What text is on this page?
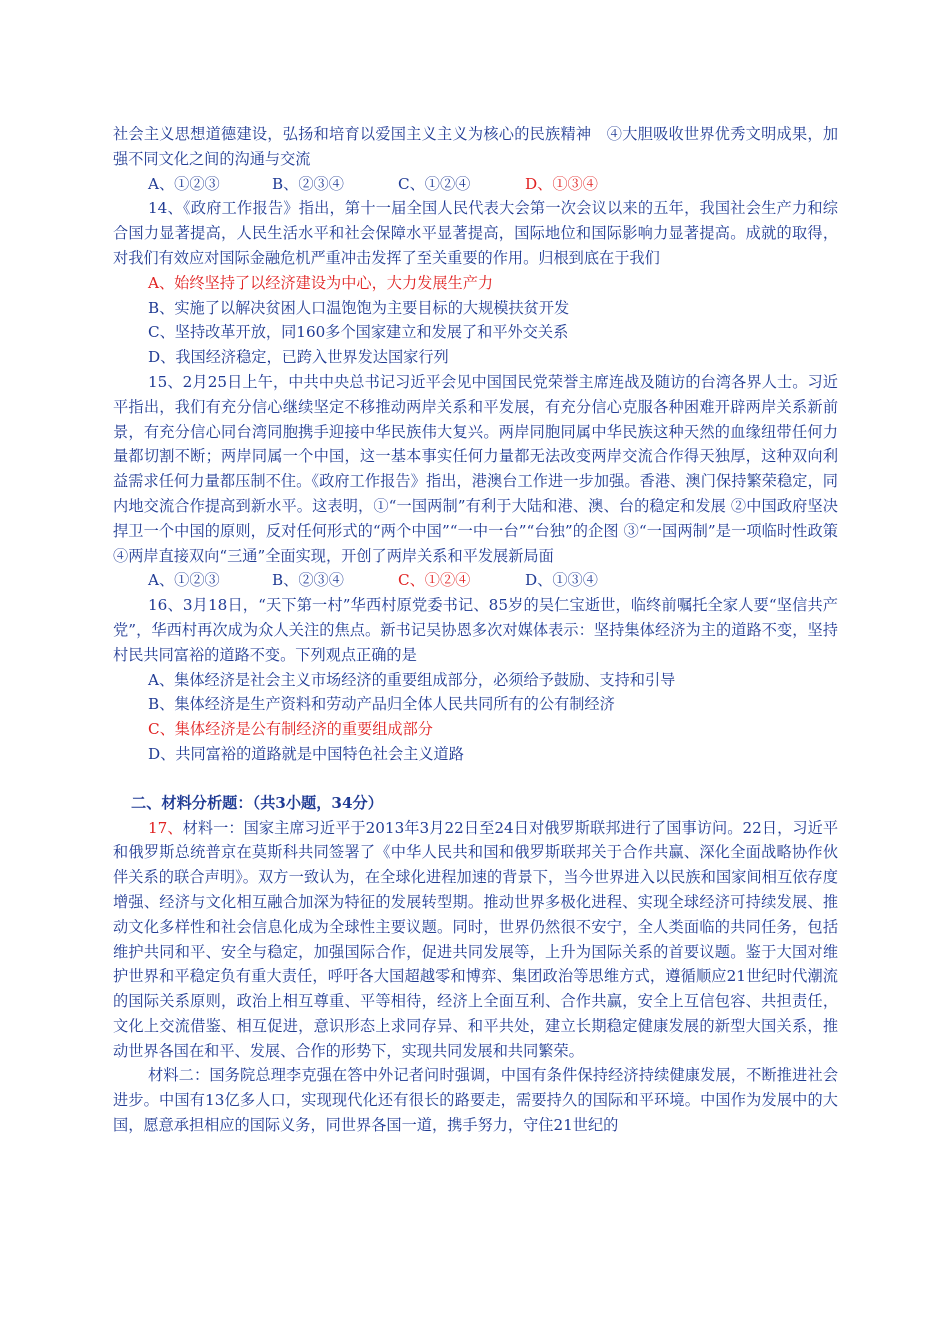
社会主义思想道德建设，弘扬和培育以爱国主义主义为核心的民族精神　④大胆吸收世界优秀文明成果，加强不同文化之间的沟通与交流

A、①②③	B、②③④	C、①②④	D、①③④

14、《政府工作报告》指出，第十一届全国人民代表大会第一次会议以来的五年，我国社会生产力和综合国力显著提高，人民生活水平和社会保障水平显著提高，国际地位和国际影响力显著提高。成就的取得，对我们有效应对国际金融危机严重冲击发挥了至关重要的作用。归根到底在于我们

A、始终坚持了以经济建设为中心，大力发展生产力

B、实施了以解决贫困人口温饱饱为主要目标的大规模扶贫开发

C、坚持改革开放，同160多个国家建立和发展了和平外交关系

D、我国经济稳定，已跨入世界发达国家行列

15、2月25日上午，中共中央总书记习近平会见中国国民党荣誉主席连战及随访的台湾各界人士。习近平指出，我们有充分信心继续坚定不移推动两岸关系和平发展，有充分信心克服各种困难开辟两岸关系新前景，有充分信心同台湾同胞携手迎接中华民族伟大复兴。两岸同胞同属中华民族这种天然的血缘纽带任何力量都切割不断；两岸同属一个中国，这一基本事实任何力量都无法改变两岸交流合作得天独厚，这种双向利益需求任何力量都压制不住。《政府工作报告》指出，港澳台工作进一步加强。香港、澳门保持繁荣稳定，同内地交流合作提高到新水平。这表明，①“一国两制”有利于大陆和港、澳、台的稳定和发展 ②中国政府坚决捍卫一个中国的原则，反对任何形式的“两个中国”“一中一台”“台独”的企图 ③“一国两制”是一项临时性政策 ④两岸直接双向“三通”全面实现，开创了两岸关系和平发展新局面

A、①②③	B、②③④	C、①②④	D、①③④

16、3月18日，“天下第一村”华西村原党委书记、85岁的吴仁宝逝世，临终前嘱托全家人要“坚信共产党”，华西村再次成为众人关注的焦点。新书记吴协恩多次对媒体表示：坚持集体经济为主的道路不变，坚持村民共同富裕的道路不变。下列观点正确的是

A、集体经济是社会主义市场经济的重要组成部分，必须给予鼓励、支持和引导

B、集体经济是生产资料和劳动产品归全体人民共同所有的公有制经济

C、集体经济是公有制经济的重要组成部分

D、共同富裕的道路就是中国特色社会主义道路

二、材料分析题：（共3小题，34分）

17、材料一：国家主席习近平于2013年3月22日至24日对俄罗斯联邦进行了国事访问。22日，习近平和俄罗斯总统普京在莫斯科共同签署了《中华人民共和国和俄罗斯联邦关于合作共赢、深化全面战略协作伙伴关系的联合声明》。双方一致认为，在全球化进程加速的背景下，当今世界进入以民族和国家间相互依存度增强、经济与文化相互融合加深为特征的发展转型期。推动世界多极化进程、实现全球经济可持续发展、推动文化多样性和社会信息化成为全球性主要议题。同时，世界仍然很不安宁，全人类面临的共同任务，包括维护共同和平、安全与稳定，加强国际合作，促进共同发展等，上升为国际关系的首要议题。鉴于大国对维护世界和平稳定负有重大责任，呼吁各大国超越零和博弈、集团政治等思维方式，遵循顺应21世纪时代潮流的国际关系原则，政治上相互尊重、平等相待，经济上全面互利、合作共赢，安全上互信包容、共担责任，文化上交流借鉴、相互促进，意识形态上求同存异、和平共处，建立长期稳定健康发展的新型大国关系，推动世界各国在和平、发展、合作的形势下，实现共同发展和共同繁荣。

材料二：国务院总理李克强在答中外记者问时强调，中国有条件保持经济持续健康发展，不断推进社会进步。中国有13亿多人口，实现现代化还有很长的路要走，需要持久的国际和平环境。中国作为发展中的大国，愿意承担相应的国际义务，同世界各国一道，携手努力，守住21世纪的
